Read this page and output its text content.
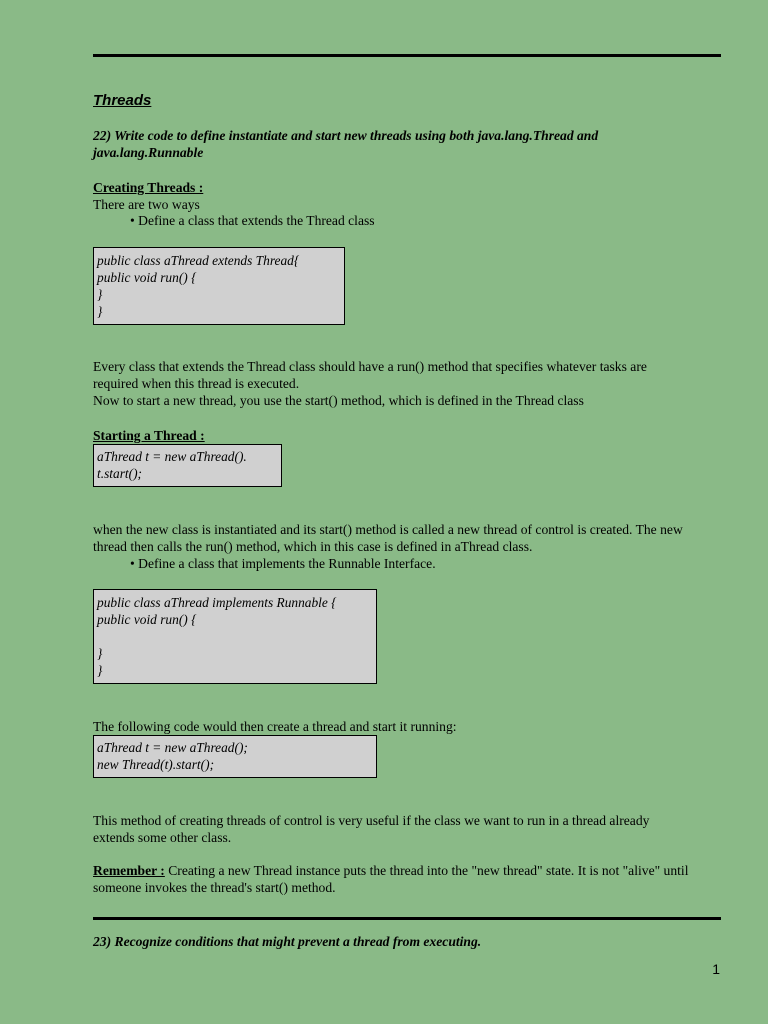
Threads
22) Write code to define instantiate and start new threads using both java.lang.Thread and java.lang.Runnable
Creating Threads :
There are two ways
• Define a class that extends the Thread class
public class aThread extends Thread{
public void run() {
}
}
Every class that extends the Thread class should have a run() method that specifies whatever tasks are
required when this thread is executed.
Now to start a new thread, you use the start() method, which is defined in the Thread class
Starting a Thread :
aThread t = new aThread().
t.start();
when the new class is instantiated and its start() method is called a new thread of control is created. The new
thread then calls the run() method, which in this case is defined in aThread class.
• Define a class that implements the Runnable Interface.
public class aThread implements Runnable {
public void run() {
}
}
The following code would then create a thread and start it running:
aThread t = new aThread();
new Thread(t).start();
This method of creating threads of control is very useful if the class we want to run in a thread already
extends some other class.
Remember : Creating a new Thread instance puts the thread into the "new thread" state. It is not "alive" until
someone invokes the thread's start() method.
23) Recognize conditions that might prevent a thread from executing.
1
